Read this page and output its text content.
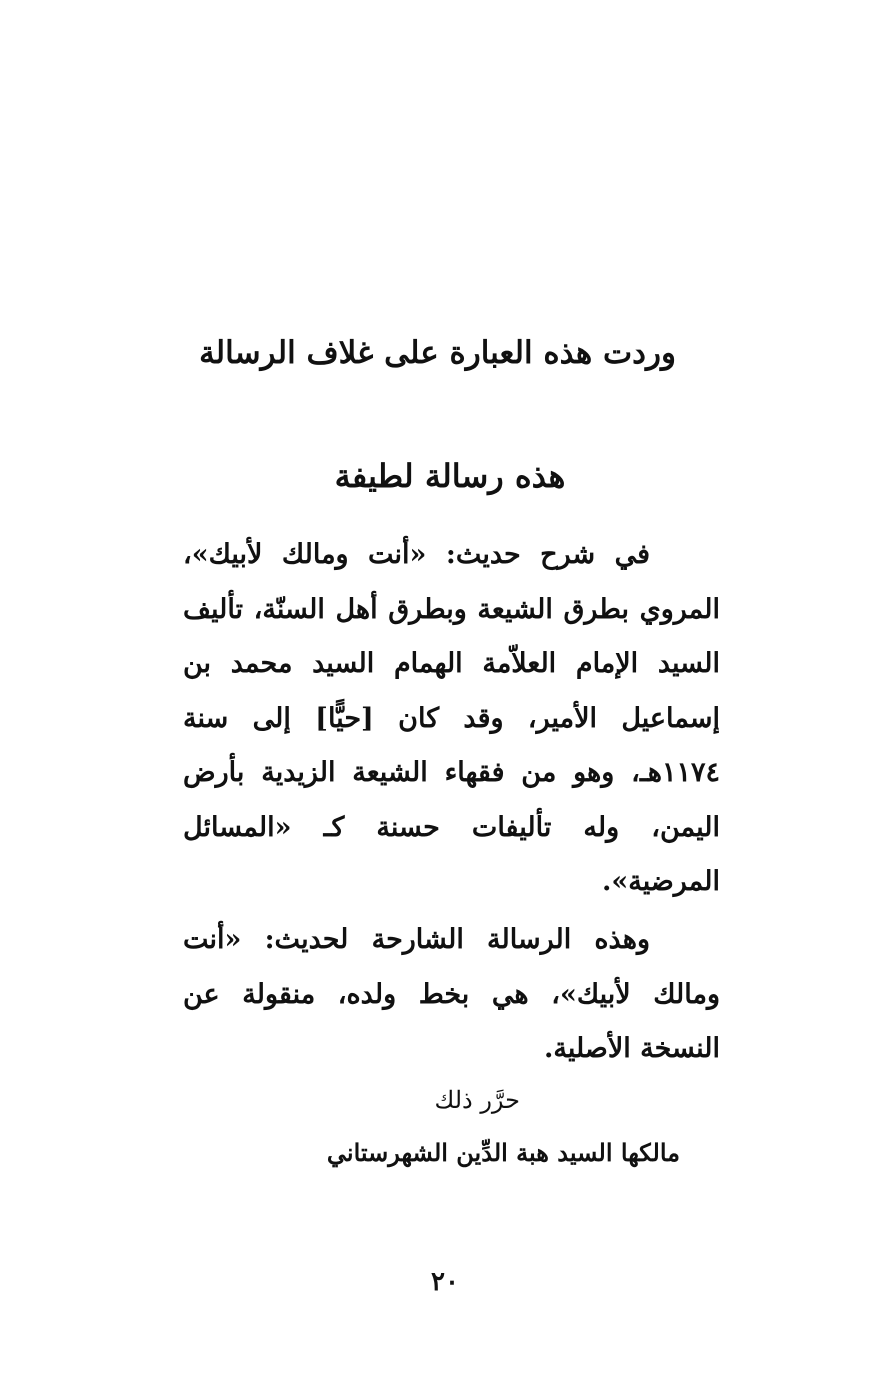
وردت هذه العبارة على غلاف الرسالة
هذه رسالة لطيفة
في شرح حديث: «أنت ومالك لأبيك»، المروي بطرق الشيعة وبطرق أهل السنّة، تأليف السيد الإمام العلاّمة الهمام السيد محمد بن إسماعيل الأمير، وقد كان [حيًّا] إلى سنة ١١٧٤هـ، وهو من فقهاء الشيعة الزيدية بأرض اليمن، وله تأليفات حسنة كـ «المسائل المرضية».
وهذه الرسالة الشارحة لحديث: «أنت ومالك لأبيك»، هي بخط ولده، منقولة عن النسخة الأصلية.
حرَّر ذلك
مالكها السيد هبة الدِّين الشهرستاني
٢٠
